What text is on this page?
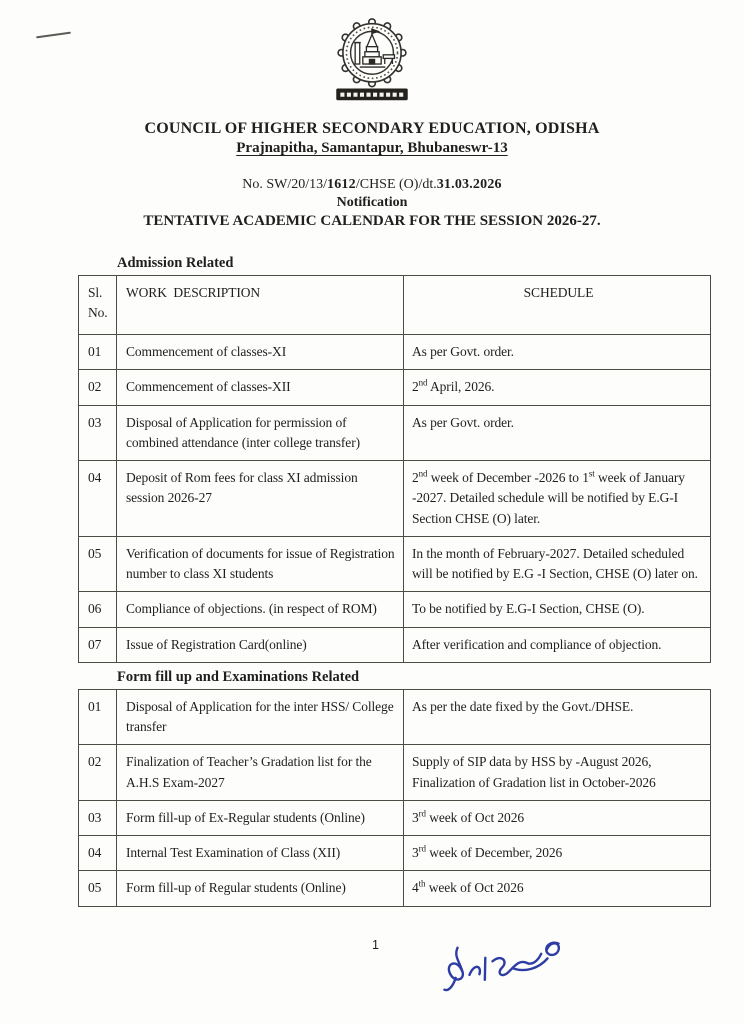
COUNCIL OF HIGHER SECONDARY EDUCATION, ODISHA
Prajnapitha, Samantapur, Bhubaneswr-13

No. SW/20/13/1612/CHSE (O)/dt.31.03.2026

Notification

TENTATIVE ACADEMIC CALENDAR FOR THE SESSION 2026-27.

Admission Related
Sl.
No.	WORK  DESCRIPTION	SCHEDULE
01	Commencement of classes-XI	As per Govt. order.
02	Commencement of classes-XII	2nd April, 2026.
03	Disposal of Application for permission of combined attendance (inter college transfer)	As per Govt. order.
04	Deposit of Rom fees for class XI admission session 2026-27	2nd week of December -2026 to 1st week of January -2027. Detailed schedule will be notified by E.G-I Section CHSE (O) later.
05	Verification of documents for issue of Registration number to class XI students	In the month of February-2027. Detailed scheduled will be notified by E.G -I Section, CHSE (O) later on.
06	Compliance of objections. (in respect of ROM)	To be notified by E.G-I Section, CHSE (O).
07	Issue of Registration Card(online)	After verification and compliance of objection.
Form fill up and Examinations Related
01	Disposal of Application for the inter HSS/ College transfer	As per the date fixed by the Govt./DHSE.
02	Finalization of Teacher’s Gradation list for the A.H.S Exam-2027	Supply of SIP data by HSS by -August 2026, Finalization of Gradation list in October-2026
03	Form fill-up of Ex-Regular students (Online)	3rd week of Oct 2026
04	Internal Test Examination of Class (XII)	3rd week of December, 2026
05	Form fill-up of Regular students (Online)	4th week of Oct 2026
1
